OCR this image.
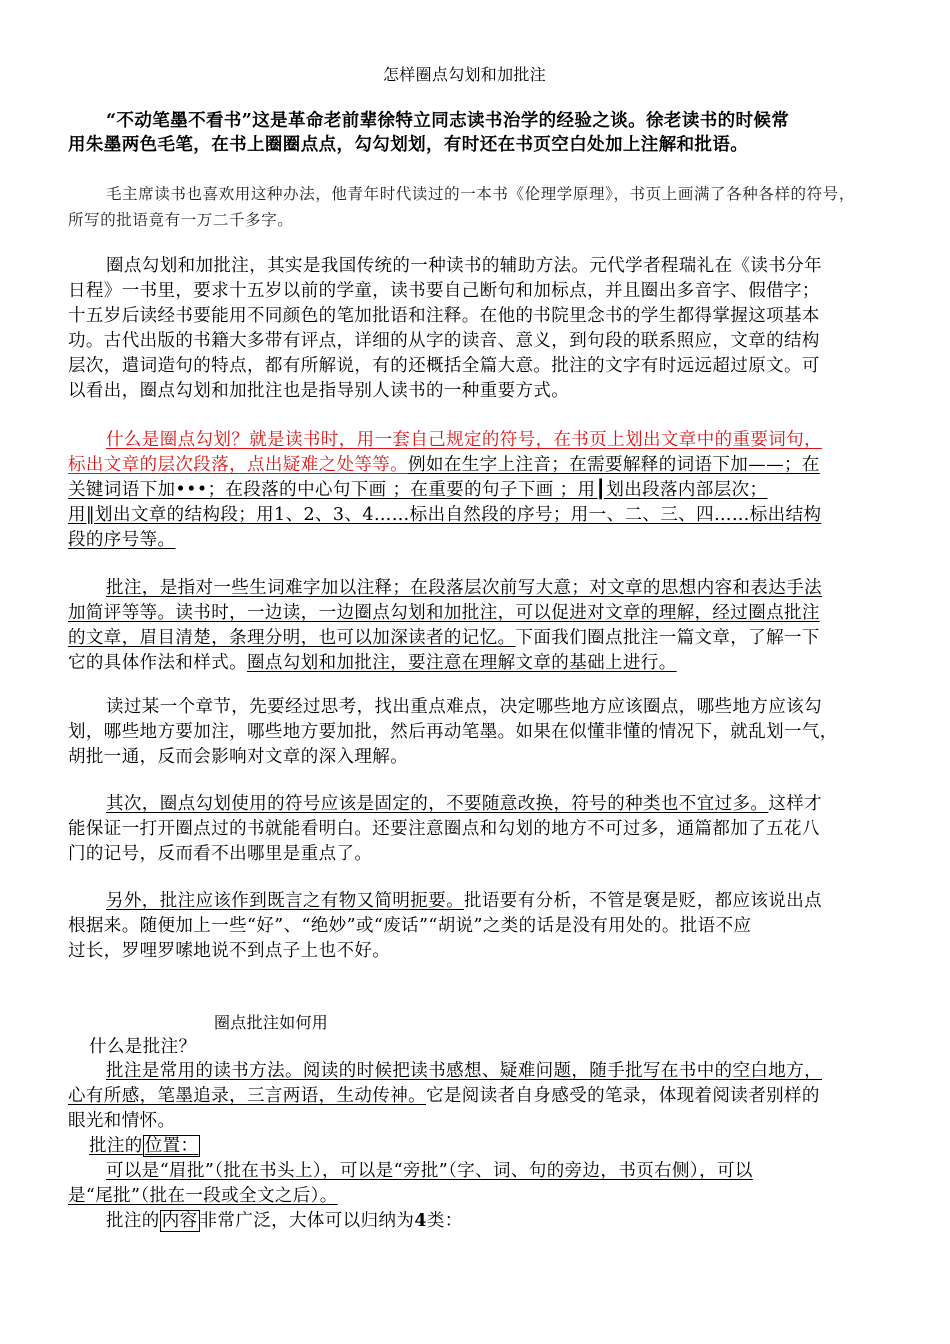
怎样圈点勾划和加批注
“不动笔墨不看书”这是革命老前辈徐特立同志读书治学的经验之谈。徐老读书的时候常
用朱墨两色毛笔，在书上圈圈点点，勾勾划划，有时还在书页空白处加上注解和批语。
毛主席读书也喜欢用这种办法，他青年时代读过的一本书《伦理学原理》，书页上画满了各种各样的符号，
所写的批语竟有一万二千多字。
圈点勾划和加批注，其实是我国传统的一种读书的辅助方法。元代学者程瑞礼在《读书分年
日程》一书里，要求十五岁以前的学童，读书要自己断句和加标点，并且圈出多音字、假借字；
十五岁后读经书要能用不同颜色的笔加批语和注释。在他的书院里念书的学生都得掌握这项基本
功。古代出版的书籍大多带有评点，详细的从字的读音、意义，到句段的联系照应，文章的结构
层次，遣词造句的特点，都有所解说，有的还概括全篇大意。批注的文字有时远远超过原文。可
以看出，圈点勾划和加批注也是指导别人读书的一种重要方式。
什么是圈点勾划？就是读书时，用一套自己规定的符号，在书页上划出文章中的重要词句，
标出文章的层次段落，点出疑难之处等等。例如在生字上注音；在需要解释的词语下加——；在
关键词语下加•••；在段落的中心句下画 ；在重要的句子下画 ；用┃划出段落内部层次；
用‖划出文章的结构段；用1、2、3、4……标出自然段的序号；用一、二、三、四……标出结构
段的序号等。
批注，是指对一些生词难字加以注释；在段落层次前写大意；对文章的思想内容和表达手法
加简评等等。读书时，一边读，一边圈点勾划和加批注，可以促进对文章的理解，经过圈点批注
的文章，眉目清楚，条理分明，也可以加深读者的记忆。下面我们圈点批注一篇文章，了解一下
它的具体作法和样式。圈点勾划和加批注，要注意在理解文章的基础上进行。
读过某一个章节，先要经过思考，找出重点难点，决定哪些地方应该圈点，哪些地方应该勾
划，哪些地方要加注，哪些地方要加批，然后再动笔墨。如果在似懂非懂的情况下，就乱划一气，
胡批一通，反而会影响对文章的深入理解。
其次，圈点勾划使用的符号应该是固定的，不要随意改换，符号的种类也不宜过多。这样才
能保证一打开圈点过的书就能看明白。还要注意圈点和勾划的地方不可过多，通篇都加了五花八
门的记号，反而看不出哪里是重点了。
另外，批注应该作到既言之有物又简明扼要。批语要有分析，不管是褒是贬，都应该说出点
根据来。随便加上一些“好”、“绝妙”或“废话”“胡说”之类的话是没有用处的。批语不应
过长，罗哩罗嗦地说不到点子上也不好。
圈点批注如何用
什么是批注？
批注是常用的读书方法。阅读的时候把读书感想、疑难问题，随手批写在书中的空白地方，
心有所感，笔墨追录，三言两语，生动传神。它是阅读者自身感受的笔录，体现着阅读者别样的
眼光和情怀。
批注的 位置：
可以是“眉批”（批在书头上），可以是“旁批”（字、词、句的旁边，书页右侧），可以
是“尾批”（批在一段或全文之后）。
批注的 内容 非常广泛，大体可以归纳为4类：
